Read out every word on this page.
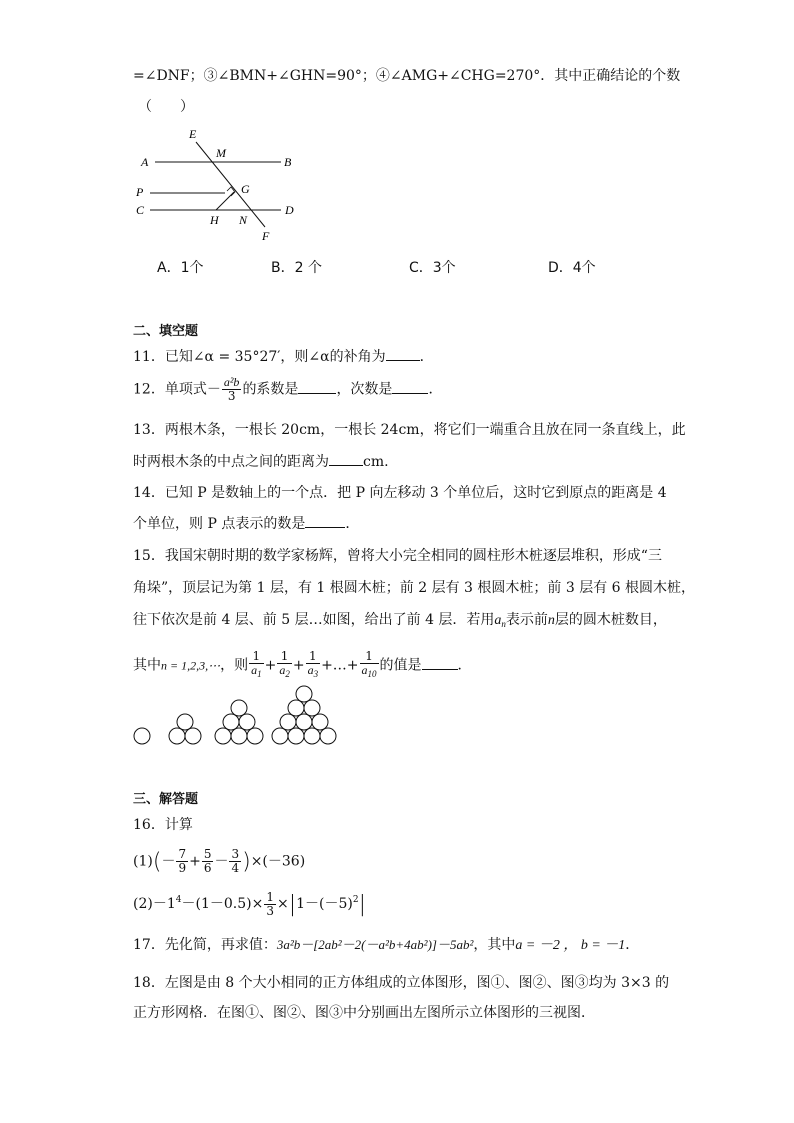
=∠DNF；③∠BMN+∠GHN=90°；④∠AMG+∠CHG=270°．其中正确结论的个数
（　　）
E
M
A	B
P	G
C	D
H N
F
A．1个	B．2 个	C．3个	D．4个
二、填空题
11．已知∠α = 35°27′，则∠α的补角为 ．
12．单项式－ $\frac{\text{a²b}}{3}$ 的系数是	，次数是	．
13．两根木条，一根长 20cm，一根长 24cm，将它们一端重合且放在同一条直线上，此
时两根木条的中点之间的距离为 cm.
14．已知 P 是数轴上的一个点．把 P 向左移动 3 个单位后，这时它到原点的距离是 4
个单位，则 P 点表示的数是	．
15．我国宋朝时期的数学家杨辉，曾将大小完全相同的圆柱形木桩逐层堆积，形成“三
角垛”，顶层记为第 1 层，有 1 根圆木桩；前 2 层有 3 根圆木桩；前 3 层有 6 根圆木桩，
往下依次是前 4 层、前 5 层…如图，给出了前 4 层．若用$a_n$表示前n层的圆木桩数目，
其中n = 1,2,3,⋯，则 $\frac{1}{a_1} + \frac{1}{a_2} + \frac{1}{a_3}$ +…+ $\frac{1}{a_{10}}$ 的值是	．
三、解答题
16．计算
$(1)(- \frac{7}{9} + \frac{5}{6} - \frac{3}{4} )\times(-36)$
$(2)-1^4-(1-0.5)\times \frac{1}{3} \times|1-(-5)^2|$
17．先化简，再求值：3a²b－[2ab²－2(－a²b+4ab²)]－5ab²，其中a = －2 ， b = －1．
18．左图是由 8 个大小相同的正方体组成的立体图形，图①、图②、图③均为 3×3 的
正方形网格．在图①、图②、图③中分别画出左图所示立体图形的三视图．
